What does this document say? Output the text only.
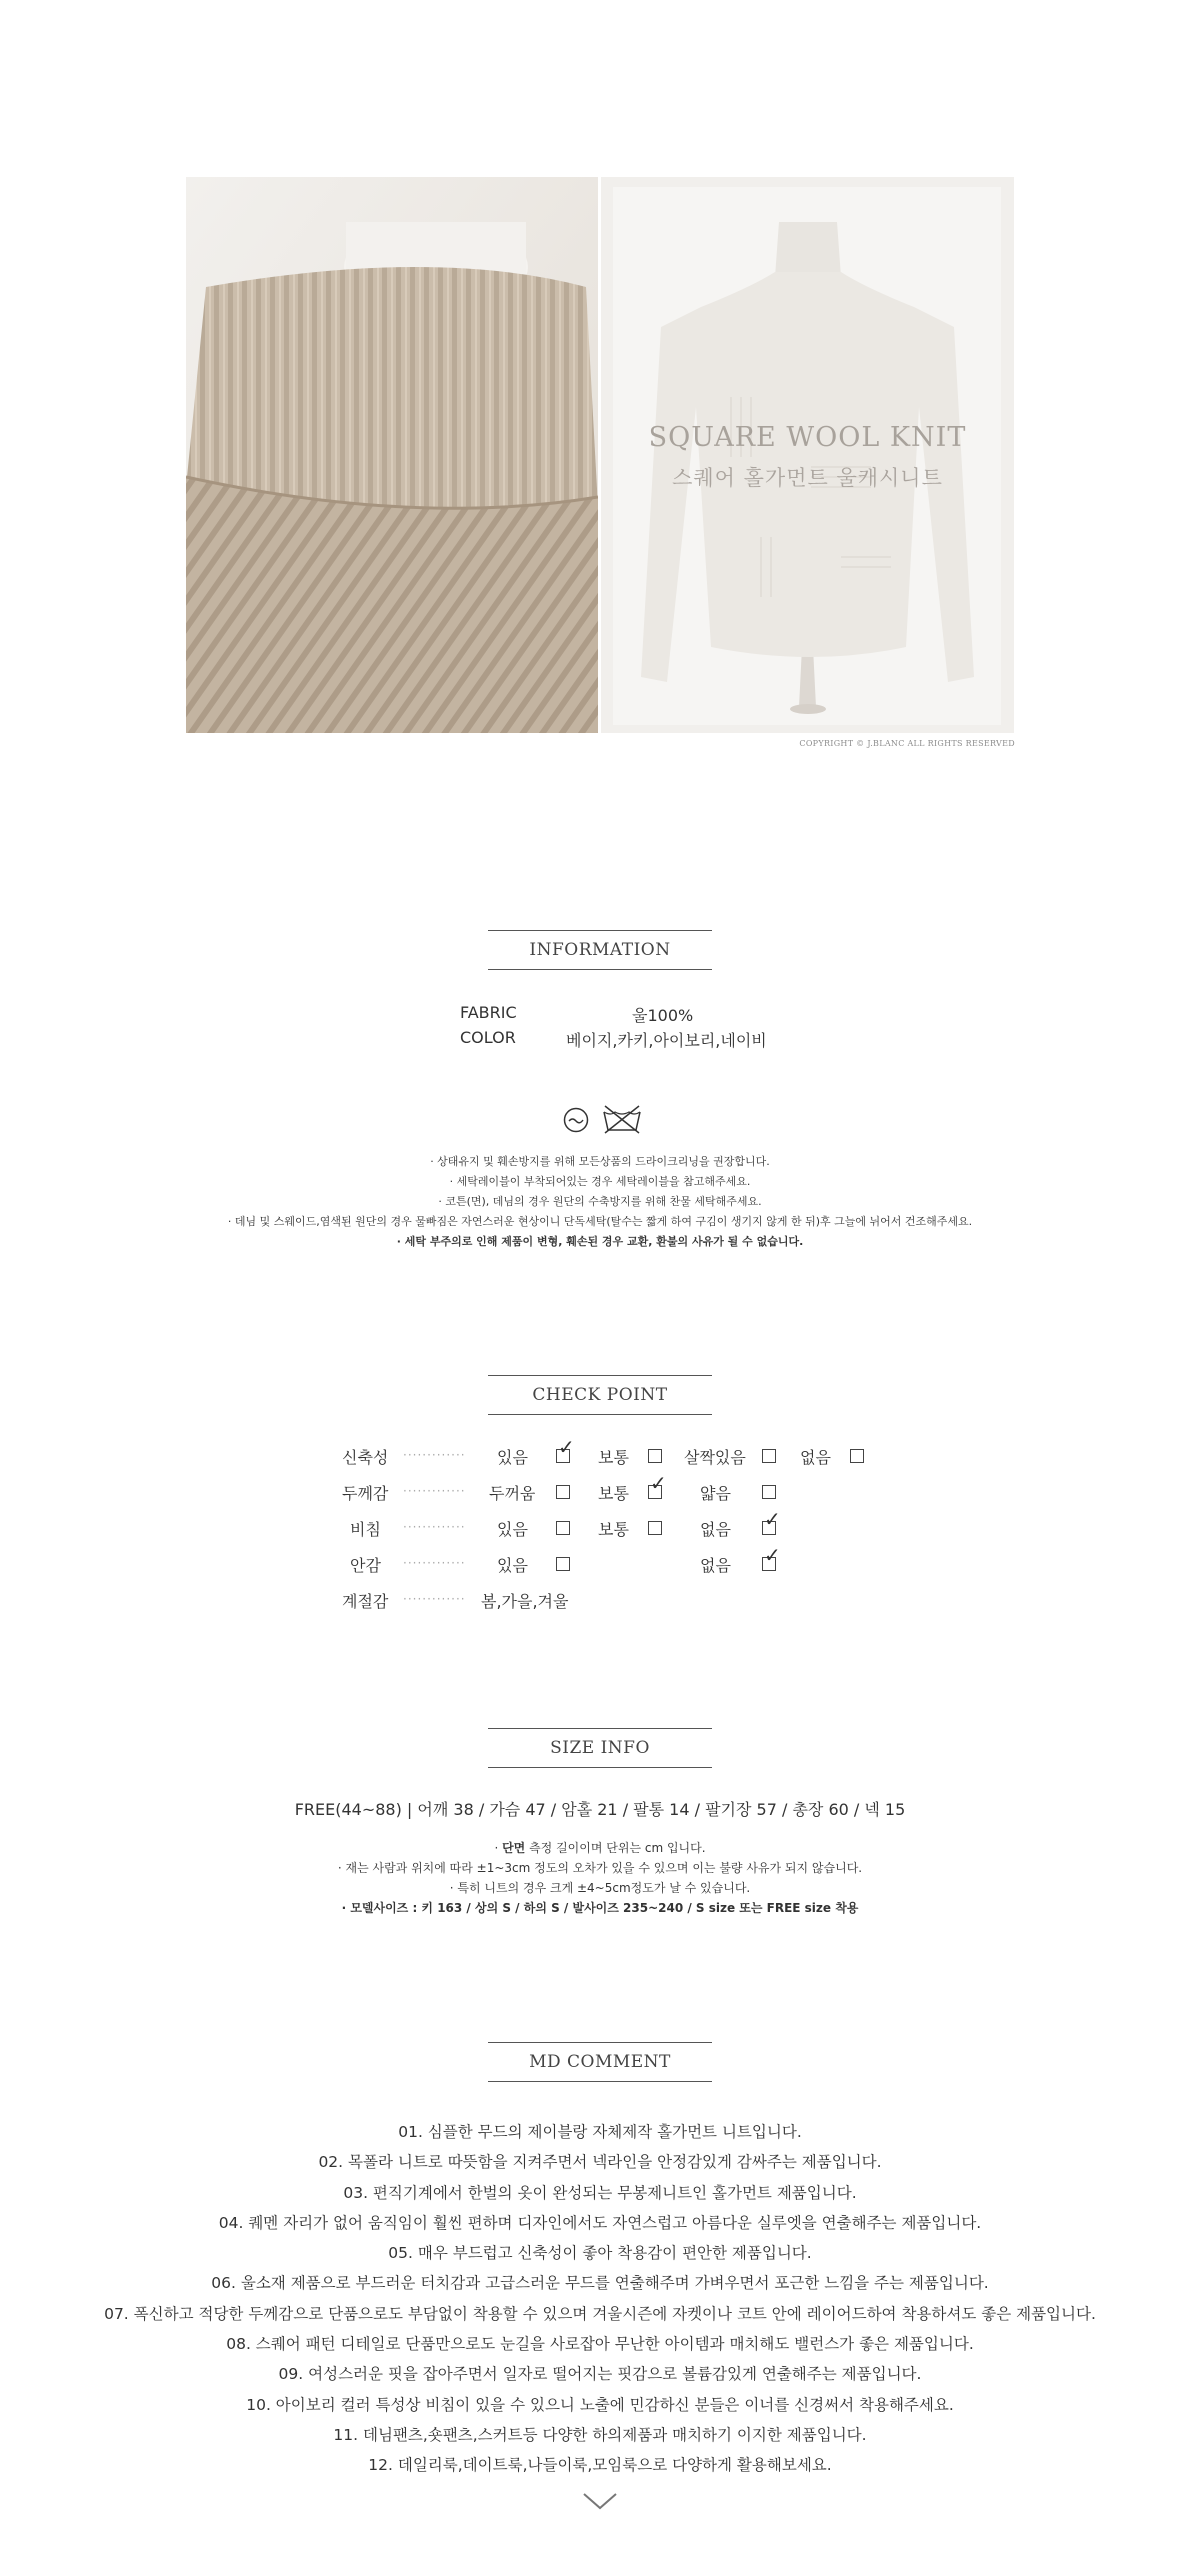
SQUARE WOOL KNIT
스퀘어 홀가먼트 울캐시니트
COPYRIGHT © J.BLANC ALL RIGHTS RESERVED
INFORMATION
FABRIC	울100%
COLOR	베이지,카키,아이보리,네이비
· 상태유지 및 훼손방지를 위해 모든상품의 드라이크리닝을 권장합니다.
· 세탁레이블이 부착되어있는 경우 세탁레이블을 참고해주세요.
· 코튼(면), 데님의 경우 원단의 수축방지를 위해 찬물 세탁해주세요.
· 데님 및 스웨이드,염색된 원단의 경우 물빠짐은 자연스러운 현상이니 단독세탁(탈수는 짧게 하여 구김이 생기지 않게 한 뒤)후 그늘에 뉘어서 건조해주세요.
· 세탁 부주의로 인해 제품이 변형, 훼손된 경우 교환, 환불의 사유가 될 수 없습니다.
CHECK POINT
신축성 ············· 있음 ✓ 보통	살짝있음	없음
두께감 ············· 두꺼움	보통 ✓ 얇음
비침 ············· 있음	보통	없음 ✓
안감 ············· 있음	없음 ✓
계절감 ············· 봄,가을,겨울
SIZE INFO
FREE(44~88) | 어깨 38 / 가슴 47 / 암홀 21 / 팔통 14 / 팔기장 57 / 총장 60 / 넥 15
· 단면 측정 길이이며 단위는 cm 입니다.
· 재는 사람과 위치에 따라 ±1~3cm 정도의 오차가 있을 수 있으며 이는 불량 사유가 되지 않습니다.
· 특히 니트의 경우 크게 ±4~5cm정도가 날 수 있습니다.
· 모델사이즈 : 키 163 / 상의 S / 하의 S / 발사이즈 235~240 / S size 또는 FREE size 착용
MD COMMENT
01. 심플한 무드의 제이블랑 자체제작 홀가먼트 니트입니다.
02. 목폴라 니트로 따뜻함을 지켜주면서 넥라인을 안정감있게 감싸주는 제품입니다.
03. 편직기계에서 한벌의 옷이 완성되는 무봉제니트인 홀가먼트 제품입니다.
04. 퀘멘 자리가 없어 움직임이 훨씬 편하며 디자인에서도 자연스럽고 아름다운 실루엣을 연출해주는 제품입니다.
05. 매우 부드럽고 신축성이 좋아 착용감이 편안한 제품입니다.
06. 울소재 제품으로 부드러운 터치감과 고급스러운 무드를 연출해주며 가벼우면서 포근한 느낌을 주는 제품입니다.
07. 폭신하고 적당한 두께감으로 단품으로도 부담없이 착용할 수 있으며 겨울시즌에 자켓이나 코트 안에 레이어드하여 착용하셔도 좋은 제품입니다.
08. 스퀘어 패턴 디테일로 단품만으로도 눈길을 사로잡아 무난한 아이템과 매치해도 밸런스가 좋은 제품입니다.
09. 여성스러운 핏을 잡아주면서 일자로 떨어지는 핏감으로 볼륨감있게 연출해주는 제품입니다.
10. 아이보리 컬러 특성상 비침이 있을 수 있으니 노출에 민감하신 분들은 이너를 신경써서 착용해주세요.
11. 데님팬츠,숏팬츠,스커트등 다양한 하의제품과 매치하기 이지한 제품입니다.
12. 데일리룩,데이트룩,나들이룩,모임룩으로 다양하게 활용해보세요.
